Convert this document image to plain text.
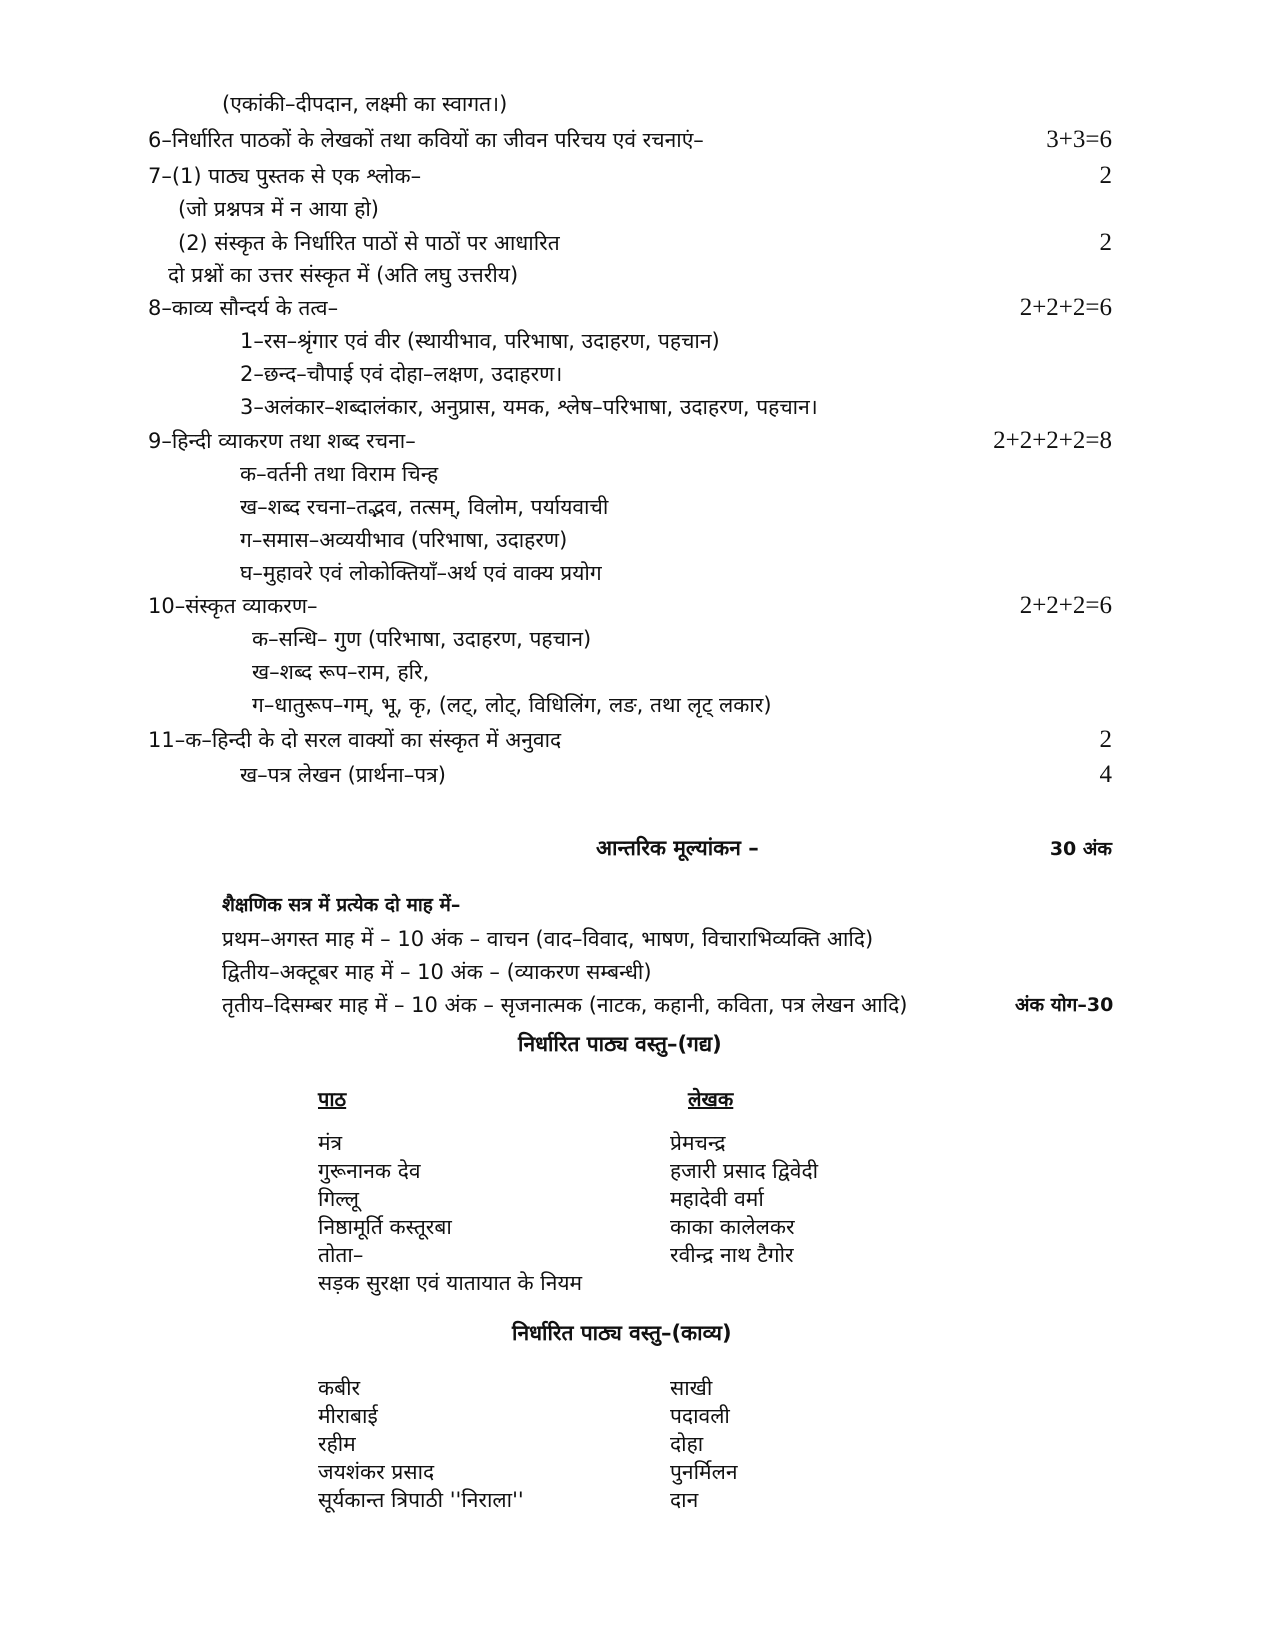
(एकांकी–दीपदान, लक्ष्मी का स्वागत।)
6–निर्धारित पाठकों के लेखकों तथा कवियों का जीवन परिचय एवं रचनाएं–	3+3=6
7–(1) पाठ्य पुस्तक से एक श्लोक–	2
(जो प्रश्नपत्र में न आया हो)
(2) संस्कृत के निर्धारित पाठों से पाठों पर आधारित	2
दो प्रश्नों का उत्तर संस्कृत में (अति लघु उत्तरीय)
8–काव्य सौन्दर्य के तत्व–	2+2+2=6
1–रस–श्रृंगार एवं वीर (स्थायीभाव, परिभाषा, उदाहरण, पहचान)
2–छन्द–चौपाई एवं दोहा–लक्षण, उदाहरण।
3–अलंकार–शब्दालंकार, अनुप्रास, यमक, श्लेष–परिभाषा, उदाहरण, पहचान।
9–हिन्दी व्याकरण तथा शब्द रचना–	2+2+2+2=8
क–वर्तनी तथा विराम चिन्ह
ख–शब्द रचना–तद्भव, तत्सम्, विलोम, पर्यायवाची
ग–समास–अव्ययीभाव (परिभाषा, उदाहरण)
घ–मुहावरे एवं लोकोक्तियाँ–अर्थ एवं वाक्य प्रयोग
10–संस्कृत व्याकरण–	2+2+2=6
क–सन्धि– गुण (परिभाषा, उदाहरण, पहचान)
ख–शब्द रूप–राम, हरि,
ग–धातुरूप–गम्, भू, कृ, (लट्, लोट्, विधिलिंग, लङ, तथा लृट् लकार)
11–क–हिन्दी के दो सरल वाक्यों का संस्कृत में अनुवाद	2
ख–पत्र लेखन (प्रार्थना–पत्र)	4
आन्तरिक मूल्यांकन –	30 अंक
शैक्षणिक सत्र में प्रत्येक दो माह में–
प्रथम–अगस्त माह में – 10 अंक – वाचन (वाद–विवाद, भाषण, विचाराभिव्यक्ति आदि)
द्वितीय–अक्टूबर माह में – 10 अंक – (व्याकरण सम्बन्धी)
तृतीय–दिसम्बर माह में – 10 अंक – सृजनात्मक (नाटक, कहानी, कविता, पत्र लेखन आदि)	अंक योग–30
निर्धारित पाठ्य वस्तु–(गद्य)
पाठ	लेखक
मंत्र	प्रेमचन्द्र
गुरूनानक देव	हजारी प्रसाद द्विवेदी
गिल्लू	महादेवी वर्मा
निष्ठामूर्ति कस्तूरबा	काका कालेलकर
तोता–	रवीन्द्र नाथ टैगोर
सड़क सुरक्षा एवं यातायात के नियम
निर्धारित पाठ्य वस्तु–(काव्य)
कबीर	साखी
मीराबाई	पदावली
रहीम	दोहा
जयशंकर प्रसाद	पुनर्मिलन
सूर्यकान्त त्रिपाठी ''निराला''	दान
